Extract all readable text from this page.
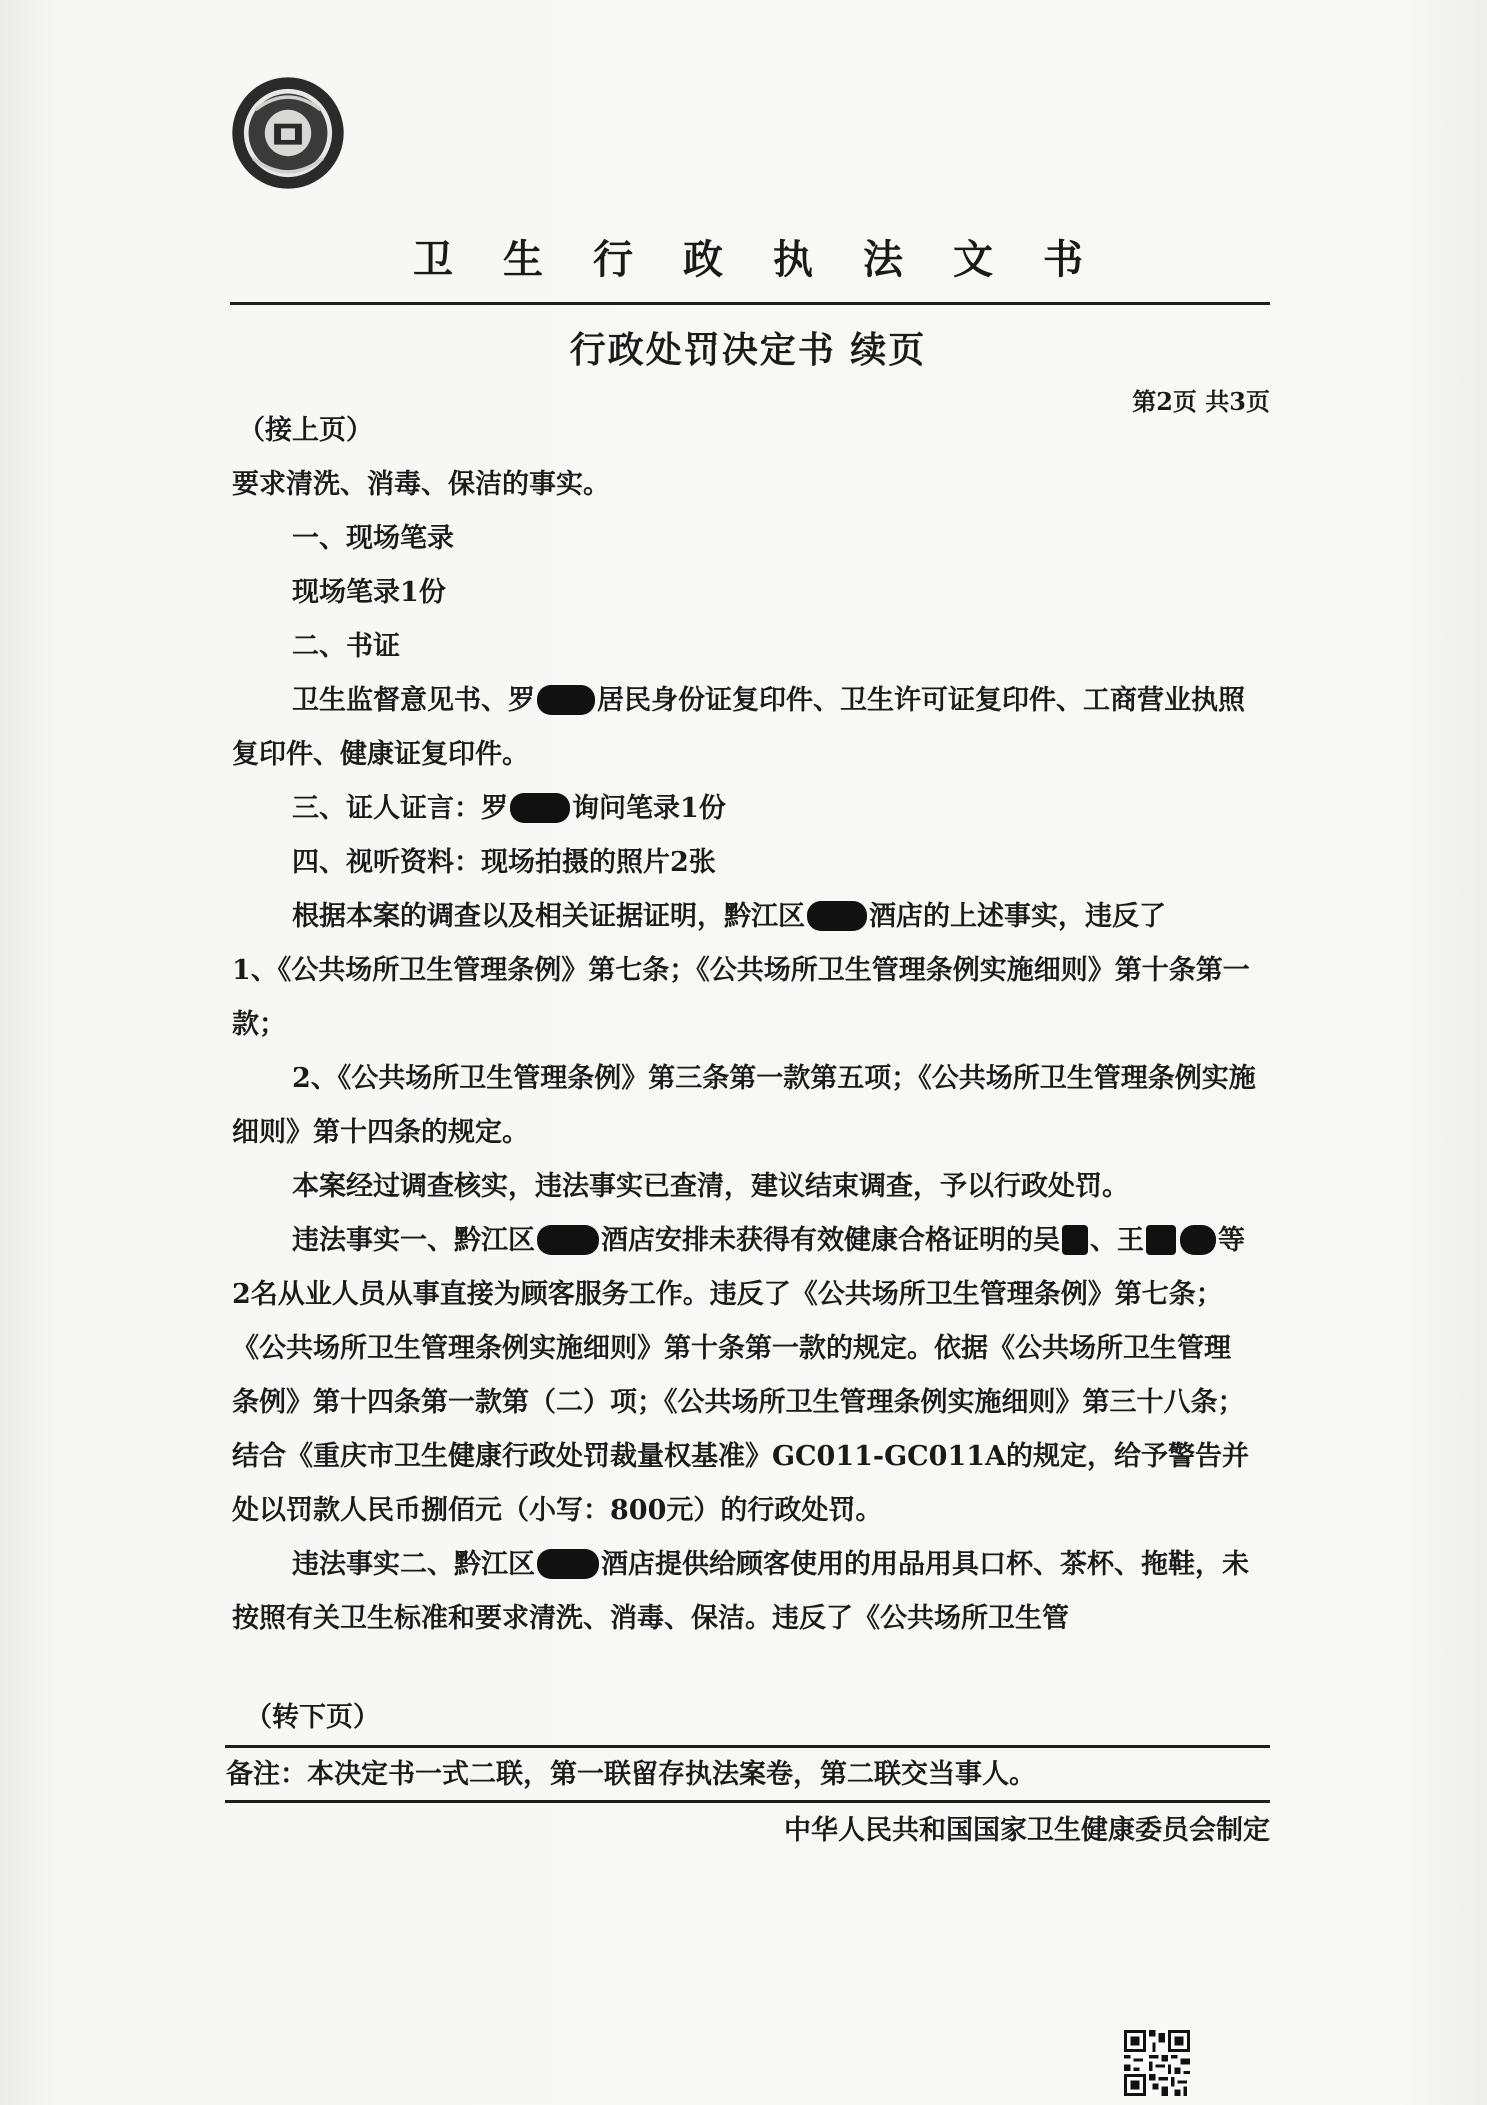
卫生行政执法文书
行政处罚决定书 续页
第2页 共3页
（接上页）

要求清洗、消毒、保洁的事实。

一、现场笔录

现场笔录1份

二、书证

卫生监督意见书、罗 居民身份证复印件、卫生许可证复印件、工商营业执照复印件、健康证复印件。

三、证人证言：罗 询问笔录1份

四、视听资料：现场拍摄的照片2张

根据本案的调查以及相关证据证明，黔江区 酒店的上述事实，违反了

1、《公共场所卫生管理条例》第七条；《公共场所卫生管理条例实施细则》第十条第一款；

2、《公共场所卫生管理条例》第三条第一款第五项；《公共场所卫生管理条例实施细则》第十四条的规定。

本案经过调查核实，违法事实已查清，建议结束调查，予以行政处罚。

违法事实一、黔江区 酒店安排未获得有效健康合格证明的吴 、王	等2名从业人员从事直接为顾客服务工作。违反了《公共场所卫生管理条例》第七条；《公共场所卫生管理条例实施细则》第十条第一款的规定。依据《公共场所卫生管理条例》第十四条第一款第（二）项；《公共场所卫生管理条例实施细则》第三十八条；结合《重庆市卫生健康行政处罚裁量权基准》GC011-GC011A的规定，给予警告并处以罚款人民币捌佰元（小写：800元）的行政处罚。

违法事实二、黔江区 酒店提供给顾客使用的用品用具口杯、茶杯、拖鞋，未按照有关卫生标准和要求清洗、消毒、保洁。违反了《公共场所卫生管

（转下页）
备注：本决定书一式二联，第一联留存执法案卷，第二联交当事人。
中华人民共和国国家卫生健康委员会制定
